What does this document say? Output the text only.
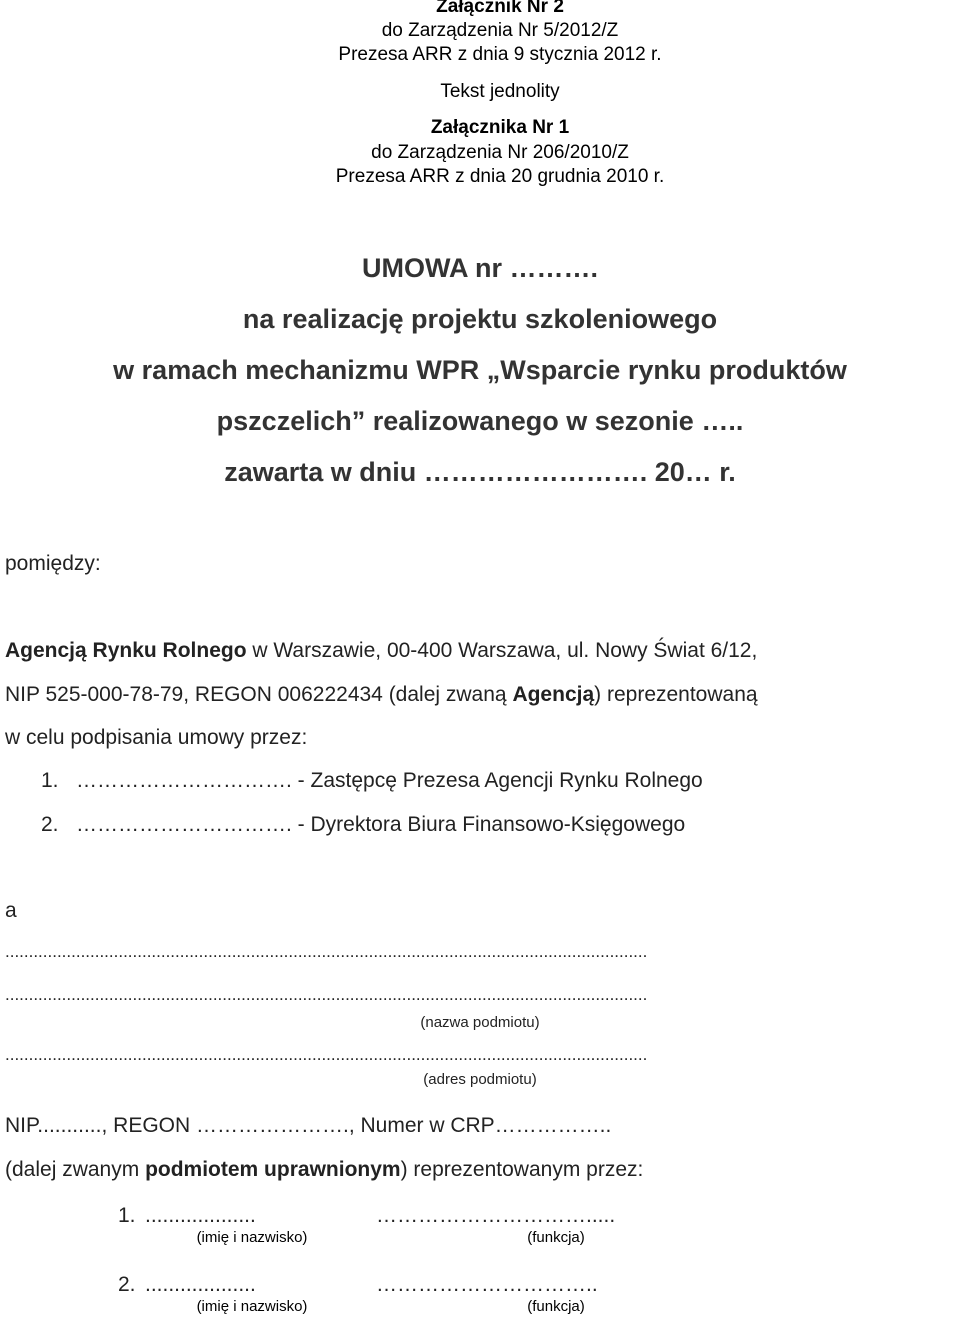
Załącznik Nr 2
do Zarządzenia Nr 5/2012/Z
Prezesa ARR z dnia 9 stycznia 2012 r.
Tekst jednolity
Załącznika Nr 1
do Zarządzenia Nr 206/2010/Z
Prezesa ARR z dnia 20 grudnia 2010 r.
UMOWA nr ……….
na realizację projektu szkoleniowego
w ramach mechanizmu WPR „Wsparcie rynku produktów
pszczelich” realizowanego w sezonie …..
zawarta w dniu ……………………. 20… r.
pomiędzy:
Agencją Rynku Rolnego w Warszawie, 00-400 Warszawa, ul. Nowy Świat 6/12,
NIP 525-000-78-79, REGON 006222434 (dalej zwaną Agencją) reprezentowaną
w celu podpisania umowy przez:
1. …………………………. - Zastępcę Prezesa Agencji Rynku Rolnego
2. …………………………. - Dyrektora Biura Finansowo-Księgowego
a
........................................................................................................................................
........................................................................................................................................
(nazwa podmiotu)
........................................................................................................................................
(adres podmiotu)
NIP..........., REGON …………………., Numer w CRP……………..
(dalej zwanym podmiotem uprawnionym) reprezentowanym przez:
1. ...................	………………………….....
(imię i nazwisko)	(funkcja)
2. ...................	…………………………..
(imię i nazwisko)	(funkcja)
